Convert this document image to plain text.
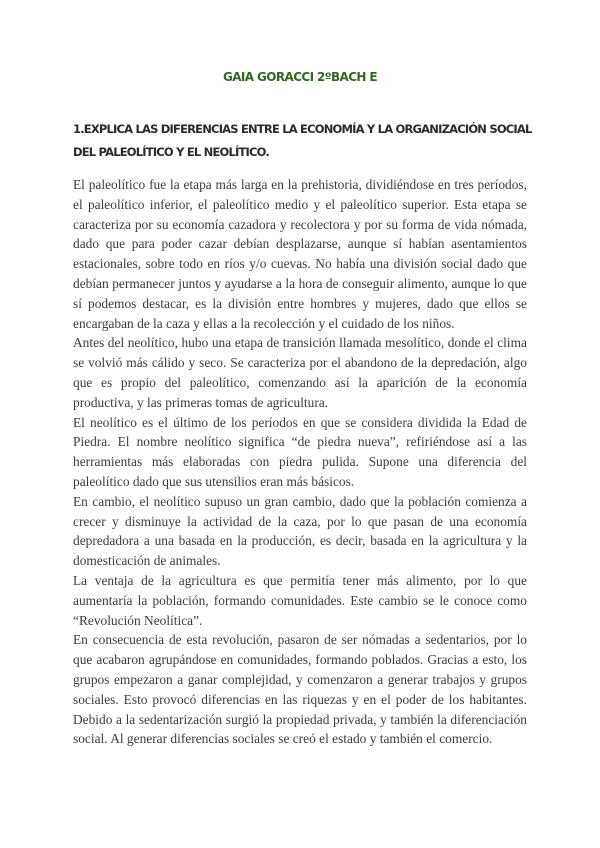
GAIA GORACCI 2ºBACH E
1.EXPLICA LAS DIFERENCIAS ENTRE LA ECONOMÍA Y LA ORGANIZACIÓN SOCIAL DEL PALEOLÍTICO Y EL NEOLÍTICO.

El paleolítico fue la etapa más larga en la prehistoria, dividiéndose en tres períodos, el paleolítico inferior, el paleolítico medio y el paleolítico superior. Esta etapa se caracteriza por su economía cazadora y recolectora y por su forma de vida nómada, dado que para poder cazar debían desplazarse, aunque sí habían asentamientos estacionales, sobre todo en ríos y/o cuevas. No había una división social dado que debían permanecer juntos y ayudarse a la hora de conseguir alimento, aunque lo que sí podemos destacar, es la división entre hombres y mujeres, dado que ellos se encargaban de la caza y ellas a la recolección y el cuidado de los niños.

Antes del neolítico, hubo una etapa de transición llamada mesolítico, donde el clima se volvió más cálido y seco. Se caracteriza por el abandono de la depredación, algo que es propio del paleolítico, comenzando así la aparición de la economía productiva, y las primeras tomas de agricultura.

El neolítico es el último de los períodos en que se considera dividida la Edad de Piedra. El nombre neolítico significa “de piedra nueva”, refiriéndose así a las herramientas más elaboradas con piedra pulida. Supone una diferencia del paleolítico dado que sus utensilios eran más básicos.

En cambio, el neolítico supuso un gran cambio, dado que la población comienza a crecer y disminuye la actividad de la caza, por lo que pasan de una economía depredadora a una basada en la producción, es decir, basada en la agricultura y la domesticación de animales.

La ventaja de la agricultura es que permitía tener más alimento, por lo que aumentaría la población, formando comunidades. Este cambio se le conoce como “Revolución Neolítica”.

En consecuencia de esta revolución, pasaron de ser nómadas a sedentarios, por lo que acabaron agrupándose en comunidades, formando poblados. Gracias a esto, los grupos empezaron a ganar complejidad, y comenzaron a generar trabajos y grupos sociales. Esto provocó diferencias en las riquezas y en el poder de los habitantes. Debido a la sedentarización surgió la propiedad privada, y también la diferenciación social. Al generar diferencias sociales se creó el estado y también el comercio.
